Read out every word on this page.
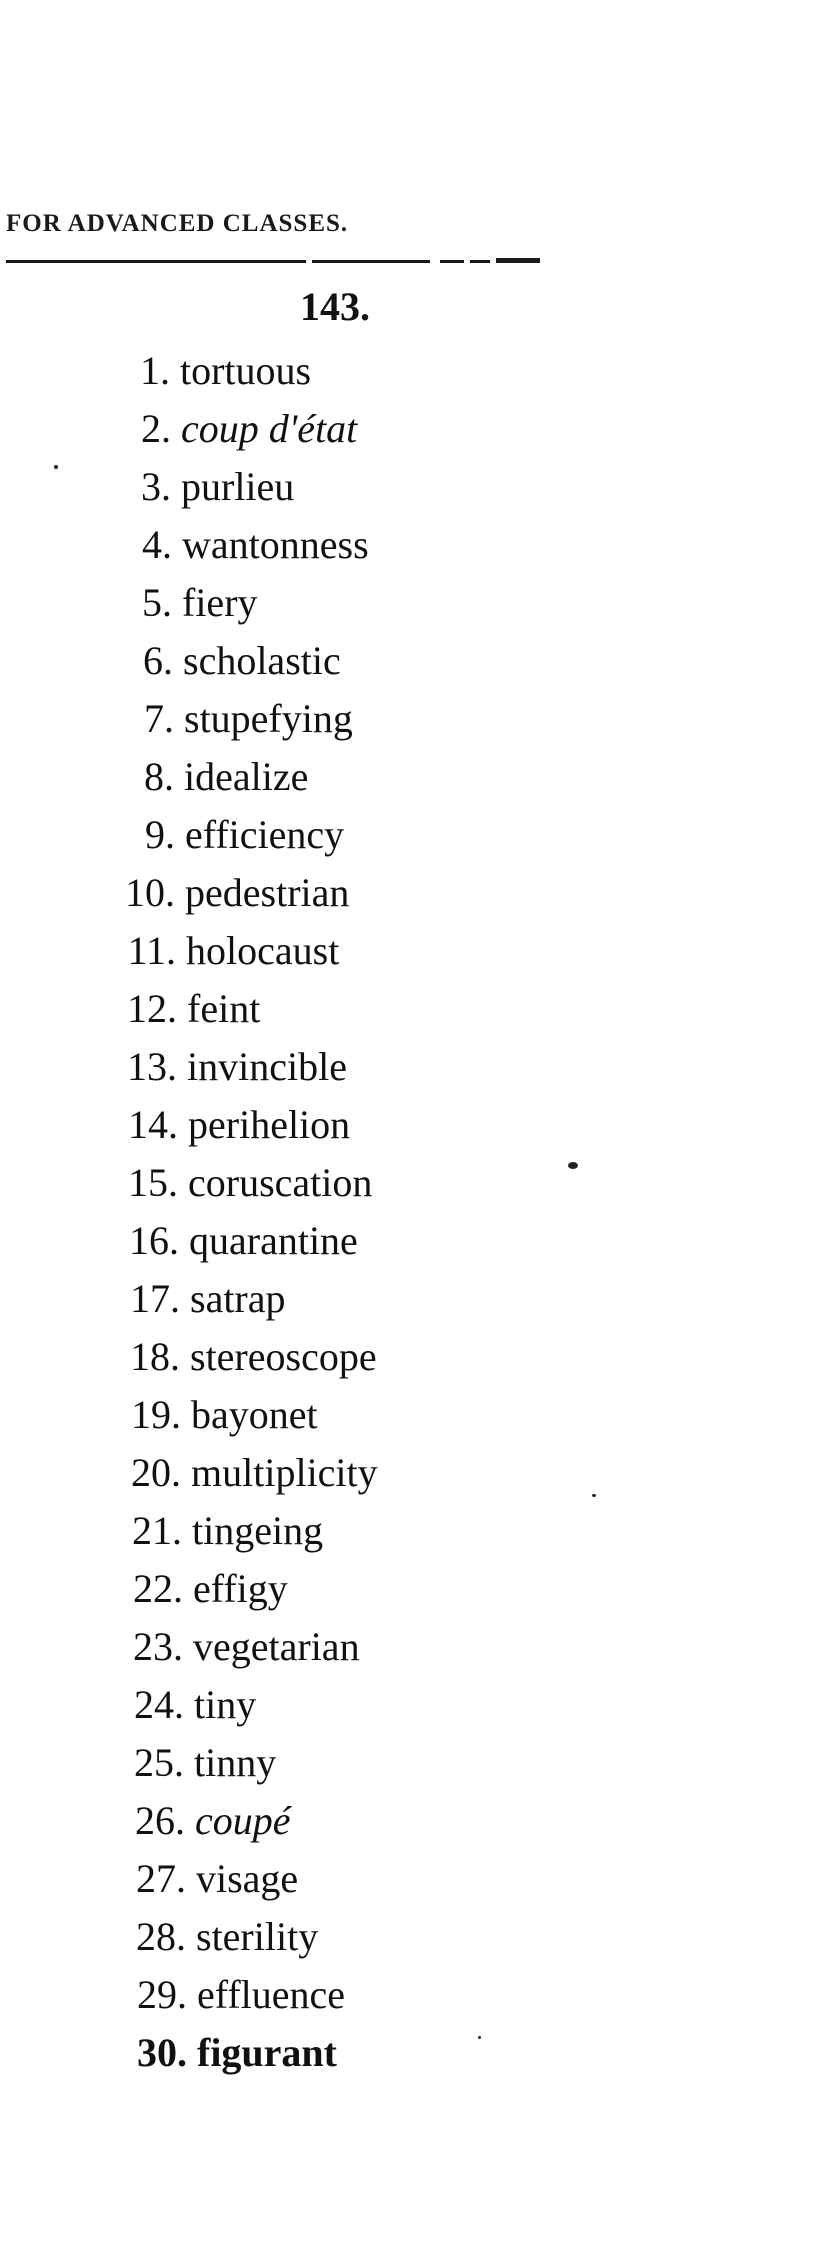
FOR ADVANCED CLASSES.
143.
1. tortuous
2. coup d'état
3. purlieu
4. wantonness
5. fiery
6. scholastic
7. stupefying
8. idealize
9. efficiency
10. pedestrian
11. holocaust
12. feint
13. invincible
14. perihelion
15. coruscation
16. quarantine
17. satrap
18. stereoscope
19. bayonet
20. multiplicity
21. tingeing
22. effigy
23. vegetarian
24. tiny
25. tinny
26. coupé
27. visage
28. sterility
29. effluence
30. figurant
